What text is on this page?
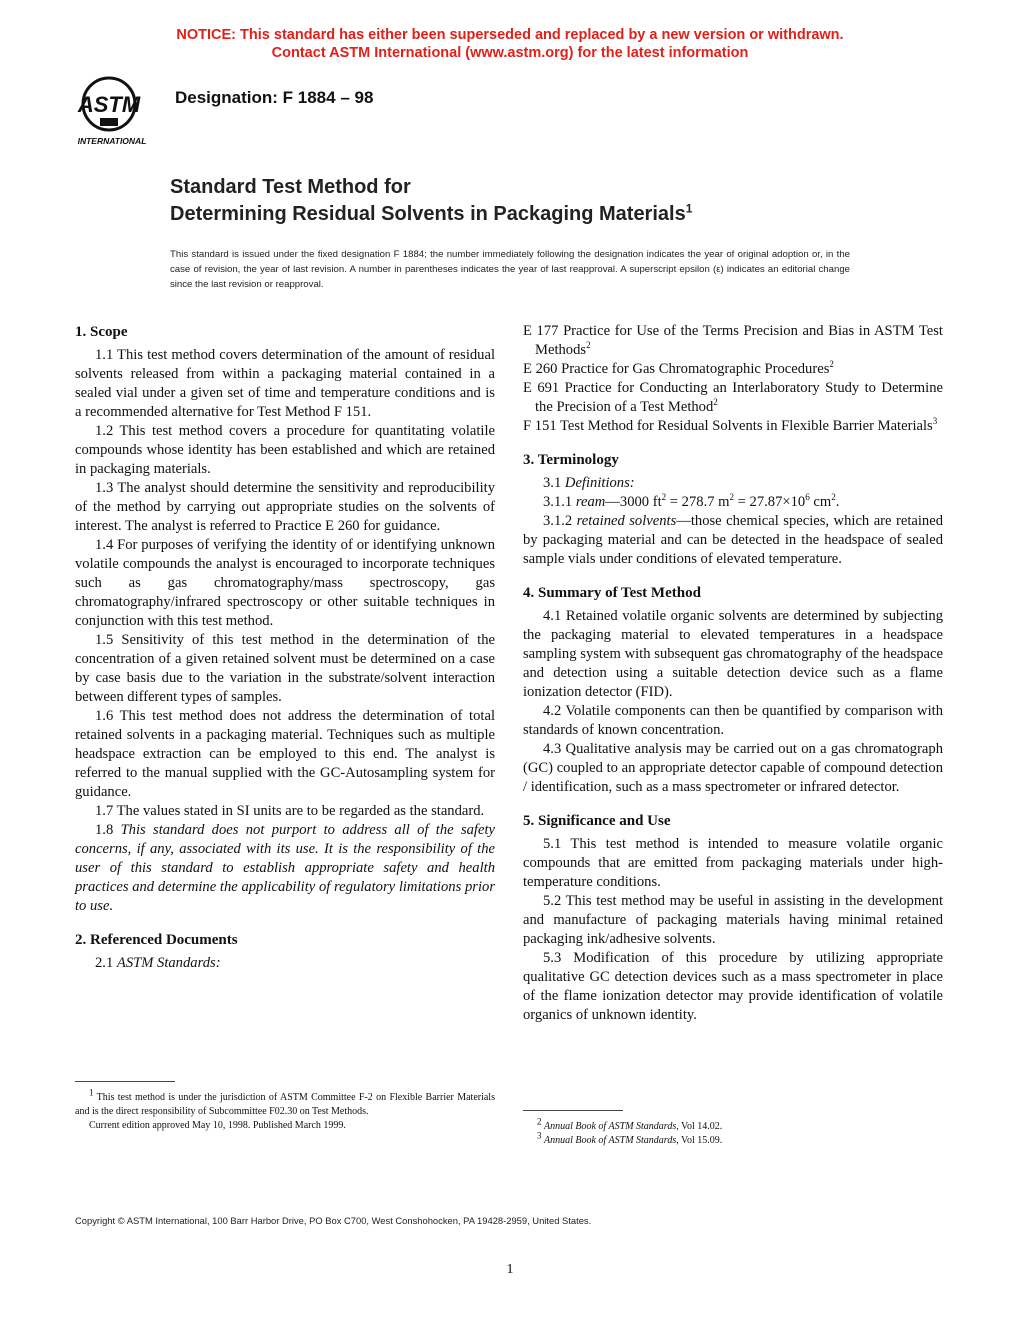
NOTICE: This standard has either been superseded and replaced by a new version or withdrawn.
Contact ASTM International (www.astm.org) for the latest information
ASTM
INTERNATIONAL
Designation: F 1884 – 98
Standard Test Method for
Determining Residual Solvents in Packaging Materials$^1$
This standard is issued under the fixed designation F 1884; the number immediately following the designation indicates the year of original adoption or, in the case of revision, the year of last revision. A number in parentheses indicates the year of last reapproval. A superscript epsilon (ε) indicates an editorial change since the last revision or reapproval.
1. Scope

1.1 This test method covers determination of the amount of residual solvents released from within a packaging material contained in a sealed vial under a given set of time and temperature conditions and is a recommended alternative for Test Method F 151.

1.2 This test method covers a procedure for quantitating volatile compounds whose identity has been established and which are retained in packaging materials.

1.3 The analyst should determine the sensitivity and reproducibility of the method by carrying out appropriate studies on the solvents of interest. The analyst is referred to Practice E 260 for guidance.

1.4 For purposes of verifying the identity of or identifying unknown volatile compounds the analyst is encouraged to incorporate techniques such as gas chromatography/mass spectroscopy, gas chromatography/infrared spectroscopy or other suitable techniques in conjunction with this test method.

1.5 Sensitivity of this test method in the determination of the concentration of a given retained solvent must be determined on a case by case basis due to the variation in the substrate/solvent interaction between different types of samples.

1.6 This test method does not address the determination of total retained solvents in a packaging material. Techniques such as multiple headspace extraction can be employed to this end. The analyst is referred to the manual supplied with the GC-Autosampling system for guidance.

1.7 The values stated in SI units are to be regarded as the standard.

1.8 This standard does not purport to address all of the safety concerns, if any, associated with its use. It is the responsibility of the user of this standard to establish appropriate safety and health practices and determine the applicability of regulatory limitations prior to use.

2. Referenced Documents

2.1 ASTM Standards:

E 177 Practice for Use of the Terms Precision and Bias in ASTM Test Methods$^2$

E 260 Practice for Gas Chromatographic Procedures$^2$

E 691 Practice for Conducting an Interlaboratory Study to Determine the Precision of a Test Method$^2$

F 151 Test Method for Residual Solvents in Flexible Barrier Materials$^3$

3. Terminology

3.1 Definitions:

3.1.1 ream—3000 $ft^2 = 278.7$ $m^2 = 27.87\times 10^6$ $cm^2$.

3.1.2 retained solvents—those chemical species, which are retained by packaging material and can be detected in the headspace of sealed sample vials under conditions of elevated temperature.

4. Summary of Test Method

4.1 Retained volatile organic solvents are determined by subjecting the packaging material to elevated temperatures in a headspace sampling system with subsequent gas chromatography of the headspace and detection using a suitable detection device such as a flame ionization detector (FID).

4.2 Volatile components can then be quantified by comparison with standards of known concentration.

4.3 Qualitative analysis may be carried out on a gas chromatograph (GC) coupled to an appropriate detector capable of compound detection / identification, such as a mass spectrometer or infrared detector.

5. Significance and Use

5.1 This test method is intended to measure volatile organic compounds that are emitted from packaging materials under high-temperature conditions.

5.2 This test method may be useful in assisting in the development and manufacture of packaging materials having minimal retained packaging ink/adhesive solvents.

5.3 Modification of this procedure by utilizing appropriate qualitative GC detection devices such as a mass spectrometer in place of the flame ionization detector may provide identification of volatile organics of unknown identity.

$^1$ This test method is under the jurisdiction of ASTM Committee F-2 on Flexible Barrier Materials and is the direct responsibility of Subcommittee F02.30 on Test Methods.
Current edition approved May 10, 1998. Published March 1999.	$^2$ Annual Book of ASTM Standards, Vol 14.02.
$^3$ Annual Book of ASTM Standards, Vol 15.09.
Copyright © ASTM International, 100 Barr Harbor Drive, PO Box C700, West Conshohocken, PA 19428-2959, United States.
1
